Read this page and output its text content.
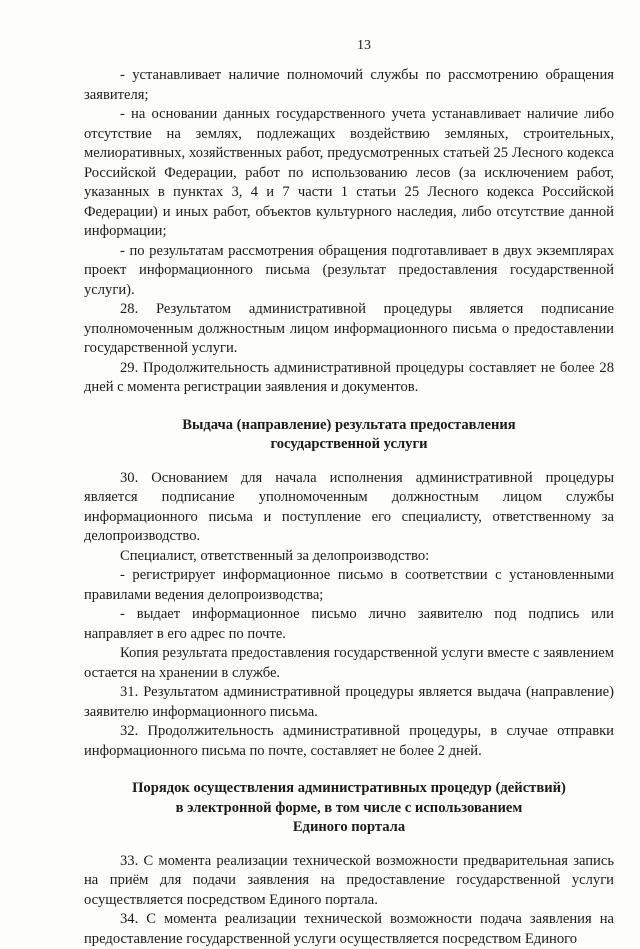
13

- устанавливает наличие полномочий службы по рассмотрению обращения заявителя;

- на основании данных государственного учета устанавливает наличие либо отсутствие на землях, подлежащих воздействию земляных, строительных, мелиоративных, хозяйственных работ, предусмотренных статьей 25 Лесного кодекса Российской Федерации, работ по использованию лесов (за исключением работ, указанных в пунктах 3, 4 и 7 части 1 статьи 25 Лесного кодекса Российской Федерации) и иных работ, объектов культурного наследия, либо отсутствие данной информации;

- по результатам рассмотрения обращения подготавливает в двух экземплярах проект информационного письма (результат предоставления государственной услуги).

28. Результатом административной процедуры является подписание уполномоченным должностным лицом информационного письма о предоставлении государственной услуги.

29. Продолжительность административной процедуры составляет не более 28 дней с момента регистрации заявления и документов.

Выдача (направление) результата предоставления
государственной услуги

30. Основанием для начала исполнения административной процедуры является подписание уполномоченным должностным лицом службы информационного письма и поступление его специалисту, ответственному за делопроизводство.

Специалист, ответственный за делопроизводство:

- регистрирует информационное письмо в соответствии с установленными правилами ведения делопроизводства;

- выдает информационное письмо лично заявителю под подпись или направляет в его адрес по почте.

Копия результата предоставления государственной услуги вместе с заявлением остается на хранении в службе.

31. Результатом административной процедуры является выдача (направление) заявителю информационного письма.

32. Продолжительность административной процедуры, в случае отправки информационного письма по почте, составляет не более 2 дней.

Порядок осуществления административных процедур (действий)
в электронной форме, в том числе с использованием
Единого портала

33. С момента реализации технической возможности предварительная запись на приём для подачи заявления на предоставление государственной услуги осуществляется посредством Единого портала.

34. С момента реализации технической возможности подача заявления на предоставление государственной услуги осуществляется посредством Единого
